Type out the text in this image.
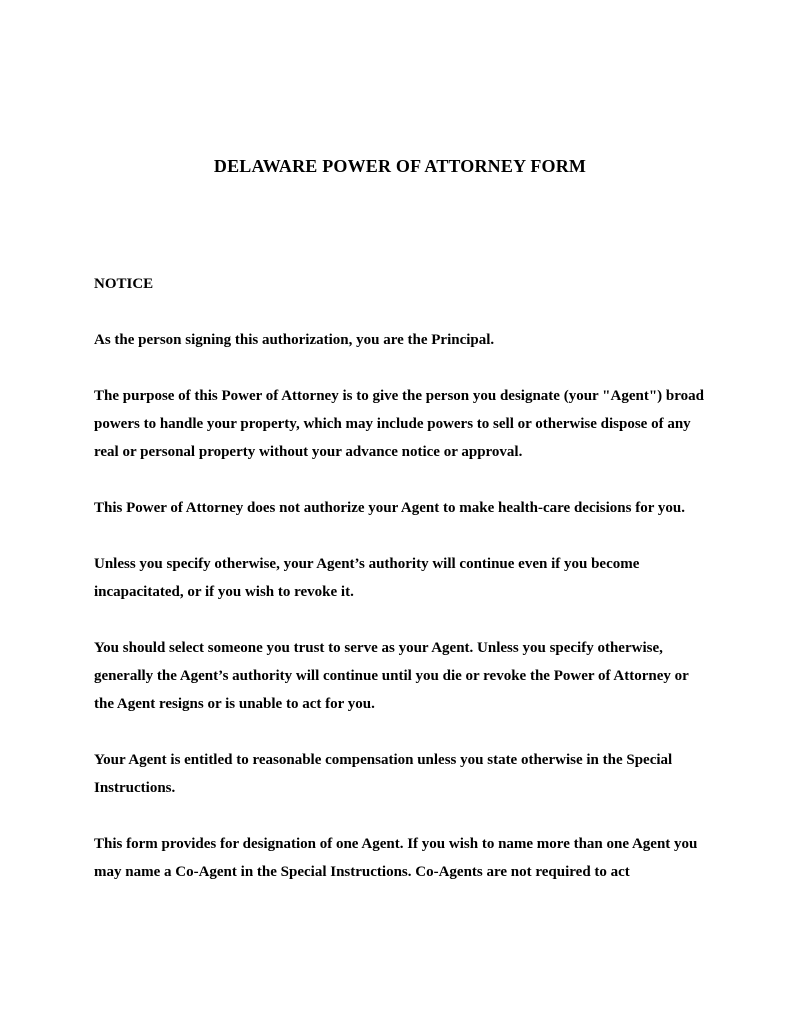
DELAWARE POWER OF ATTORNEY FORM
NOTICE

As the person signing this authorization, you are the Principal.

The purpose of this Power of Attorney is to give the person you designate (your "Agent") broad powers to handle your property, which may include powers to sell or otherwise dispose of any real or personal property without your advance notice or approval.

This Power of Attorney does not authorize your Agent to make health-care decisions for you.

Unless you specify otherwise, your Agent’s authority will continue even if you become incapacitated, or if you wish to revoke it.

You should select someone you trust to serve as your Agent. Unless you specify otherwise, generally the Agent’s authority will continue until you die or revoke the Power of Attorney or the Agent resigns or is unable to act for you.

Your Agent is entitled to reasonable compensation unless you state otherwise in the Special Instructions.

This form provides for designation of one Agent. If you wish to name more than one Agent you may name a Co-Agent in the Special Instructions. Co-Agents are not required to act
